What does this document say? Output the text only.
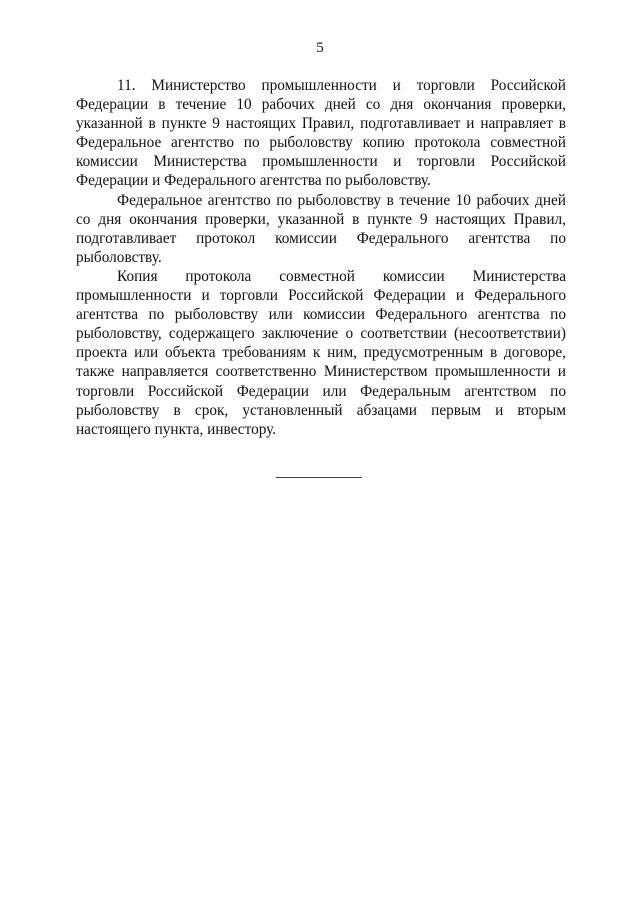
5

11. Министерство промышленности и торговли Российской Федерации в течение 10 рабочих дней со дня окончания проверки, указанной в пункте 9 настоящих Правил, подготавливает и направляет в Федеральное агентство по рыболовству копию протокола совместной комиссии Министерства промышленности и торговли Российской Федерации и Федерального агентства по рыболовству.

Федеральное агентство по рыболовству в течение 10 рабочих дней со дня окончания проверки, указанной в пункте 9 настоящих Правил, подготавливает протокол комиссии Федерального агентства по рыболовству.

Копия протокола совместной комиссии Министерства промышленности и торговли Российской Федерации и Федерального агентства по рыболовству или комиссии Федерального агентства по рыболовству, содержащего заключение о соответствии (несоответствии) проекта или объекта требованиям к ним, предусмотренным в договоре, также направляется соответственно Министерством промышленности и торговли Российской Федерации или Федеральным агентством по рыболовству в срок, установленный абзацами первым и вторым настоящего пункта, инвестору.
